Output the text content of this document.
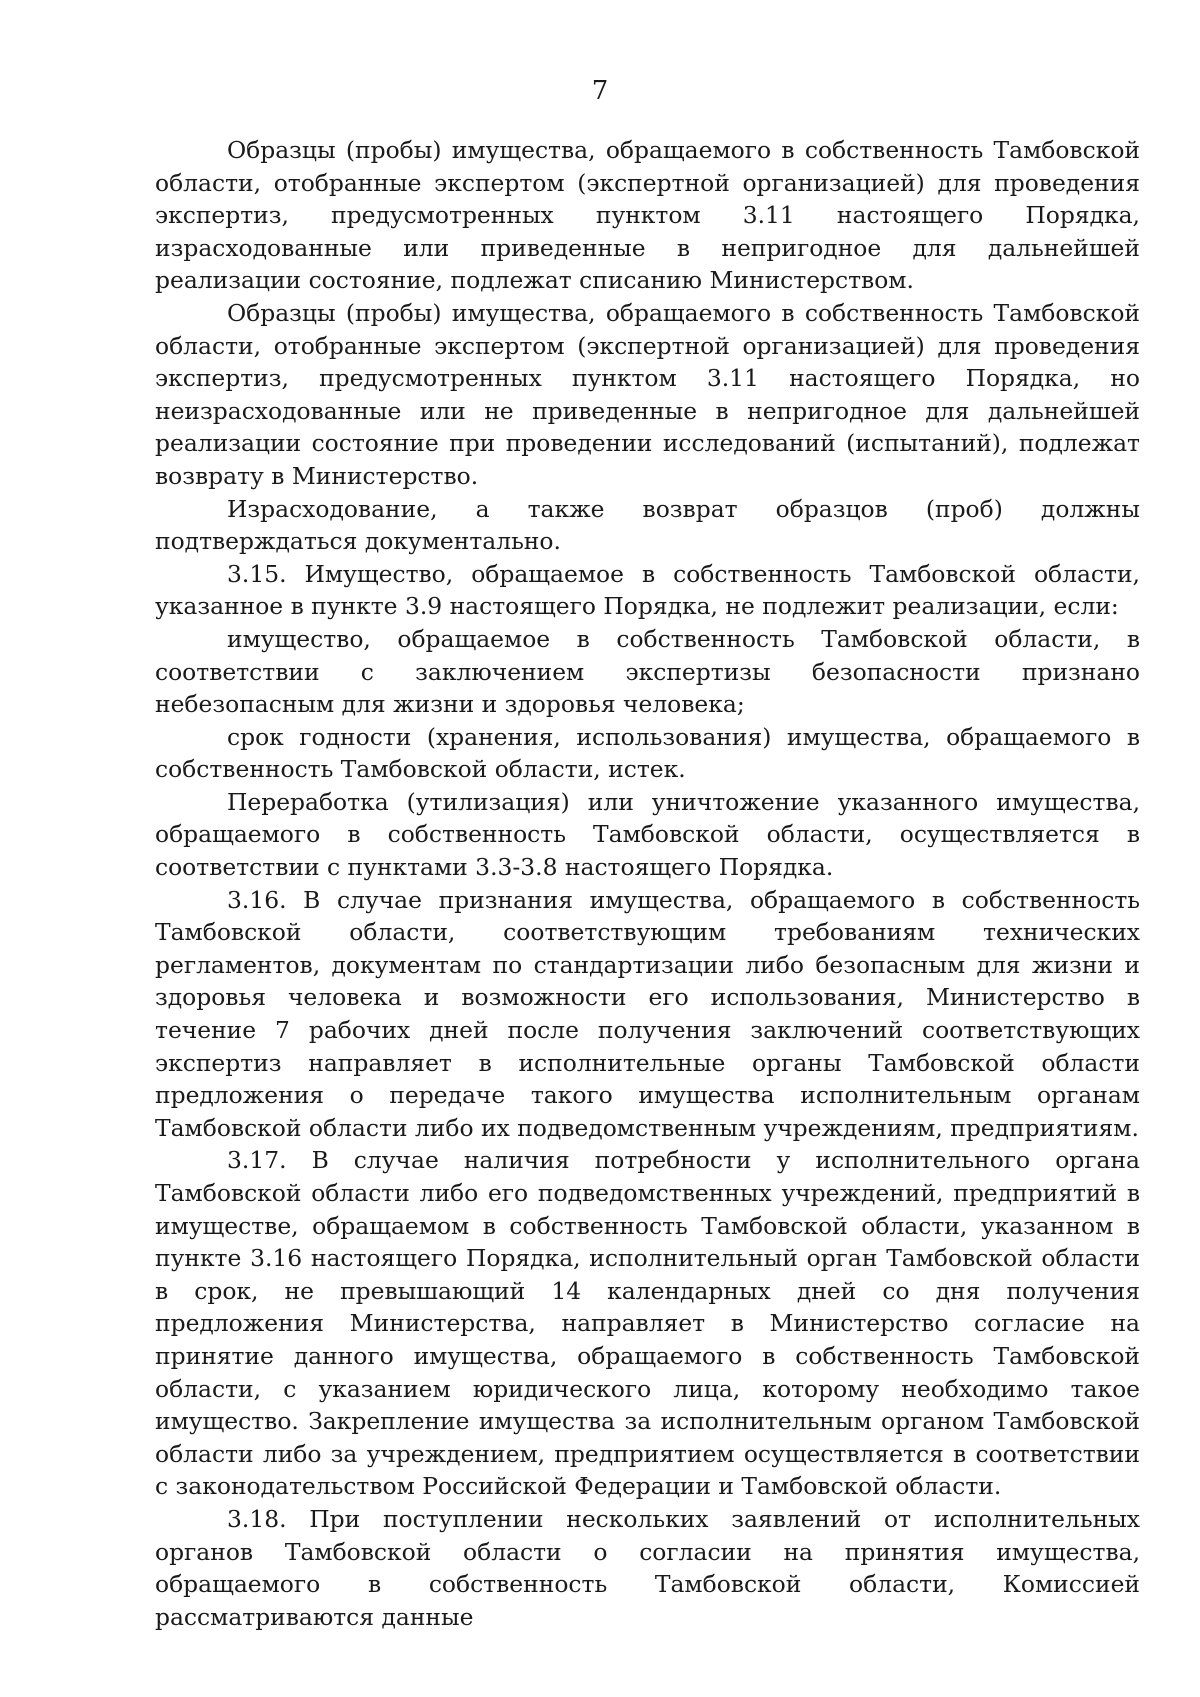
7

Образцы (пробы) имущества, обращаемого в собственность Тамбовской области, отобранные экспертом (экспертной организацией) для проведения экспертиз, предусмотренных пунктом 3.11 настоящего Порядка, израсходованные или приведенные в непригодное для дальнейшей реализации состояние, подлежат списанию Министерством.

Образцы (пробы) имущества, обращаемого в собственность Тамбовской области, отобранные экспертом (экспертной организацией) для проведения экспертиз, предусмотренных пунктом 3.11 настоящего Порядка, но неизрасходованные или не приведенные в непригодное для дальнейшей реализации состояние при проведении исследований (испытаний), подлежат возврату в Министерство.

Израсходование, а также возврат образцов (проб) должны подтверждаться документально.

3.15. Имущество, обращаемое в собственность Тамбовской области, указанное в пункте 3.9 настоящего Порядка, не подлежит реализации, если:

имущество, обращаемое в собственность Тамбовской области, в соответствии с заключением экспертизы безопасности признано небезопасным для жизни и здоровья человека;

срок годности (хранения, использования) имущества, обращаемого в собственность Тамбовской области, истек.

Переработка (утилизация) или уничтожение указанного имущества, обращаемого в собственность Тамбовской области, осуществляется в соответствии с пунктами 3.3-3.8 настоящего Порядка.

3.16. В случае признания имущества, обращаемого в собственность Тамбовской области, соответствующим требованиям технических регламентов, документам по стандартизации либо безопасным для жизни и здоровья человека и возможности его использования, Министерство в течение 7 рабочих дней после получения заключений соответствующих экспертиз направляет в исполнительные органы Тамбовской области предложения о передаче такого имущества исполнительным органам Тамбовской области либо их подведомственным учреждениям, предприятиям.

3.17. В случае наличия потребности у исполнительного органа Тамбовской области либо его подведомственных учреждений, предприятий в имуществе, обращаемом в собственность Тамбовской области, указанном в пункте 3.16 настоящего Порядка, исполнительный орган Тамбовской области в срок, не превышающий 14 календарных дней со дня получения предложения Министерства, направляет в Министерство согласие на принятие данного имущества, обращаемого в собственность Тамбовской области, с указанием юридического лица, которому необходимо такое имущество. Закрепление имущества за исполнительным органом Тамбовской области либо за учреждением, предприятием осуществляется в соответствии с законодательством Российской Федерации и Тамбовской области.

3.18. При поступлении нескольких заявлений от исполнительных органов Тамбовской области о согласии на принятия имущества, обращаемого в собственность Тамбовской области, Комиссией рассматриваются данные
